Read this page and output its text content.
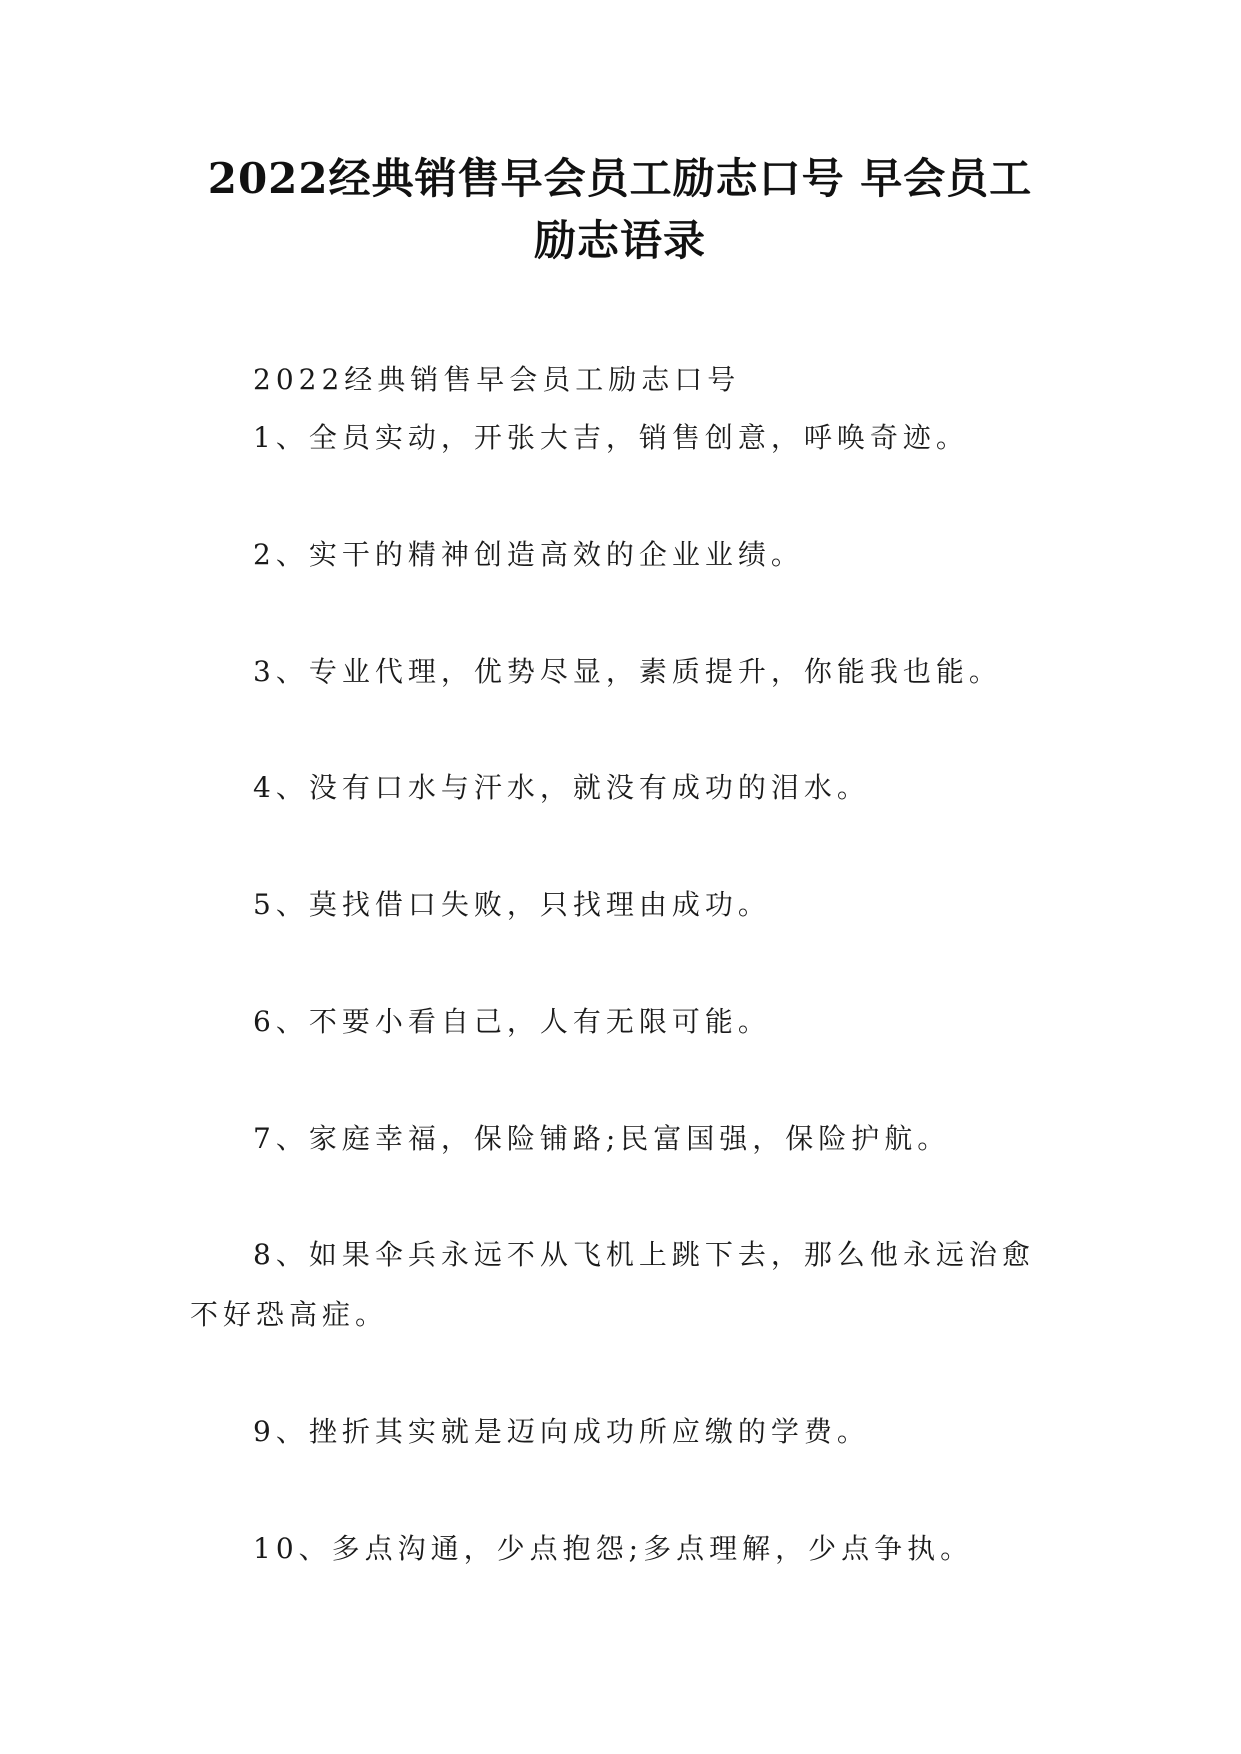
2022经典销售早会员工励志口号 早会员工
励志语录
2022经典销售早会员工励志口号
1、全员实动，开张大吉，销售创意，呼唤奇迹。
2、实干的精神创造高效的企业业绩。
3、专业代理，优势尽显，素质提升，你能我也能。
4、没有口水与汗水，就没有成功的泪水。
5、莫找借口失败，只找理由成功。
6、不要小看自己，人有无限可能。
7、家庭幸福，保险铺路;民富国强，保险护航。
8、如果伞兵永远不从飞机上跳下去，那么他永远治愈不好恐高症。
9、挫折其实就是迈向成功所应缴的学费。
10、多点沟通，少点抱怨;多点理解，少点争执。
